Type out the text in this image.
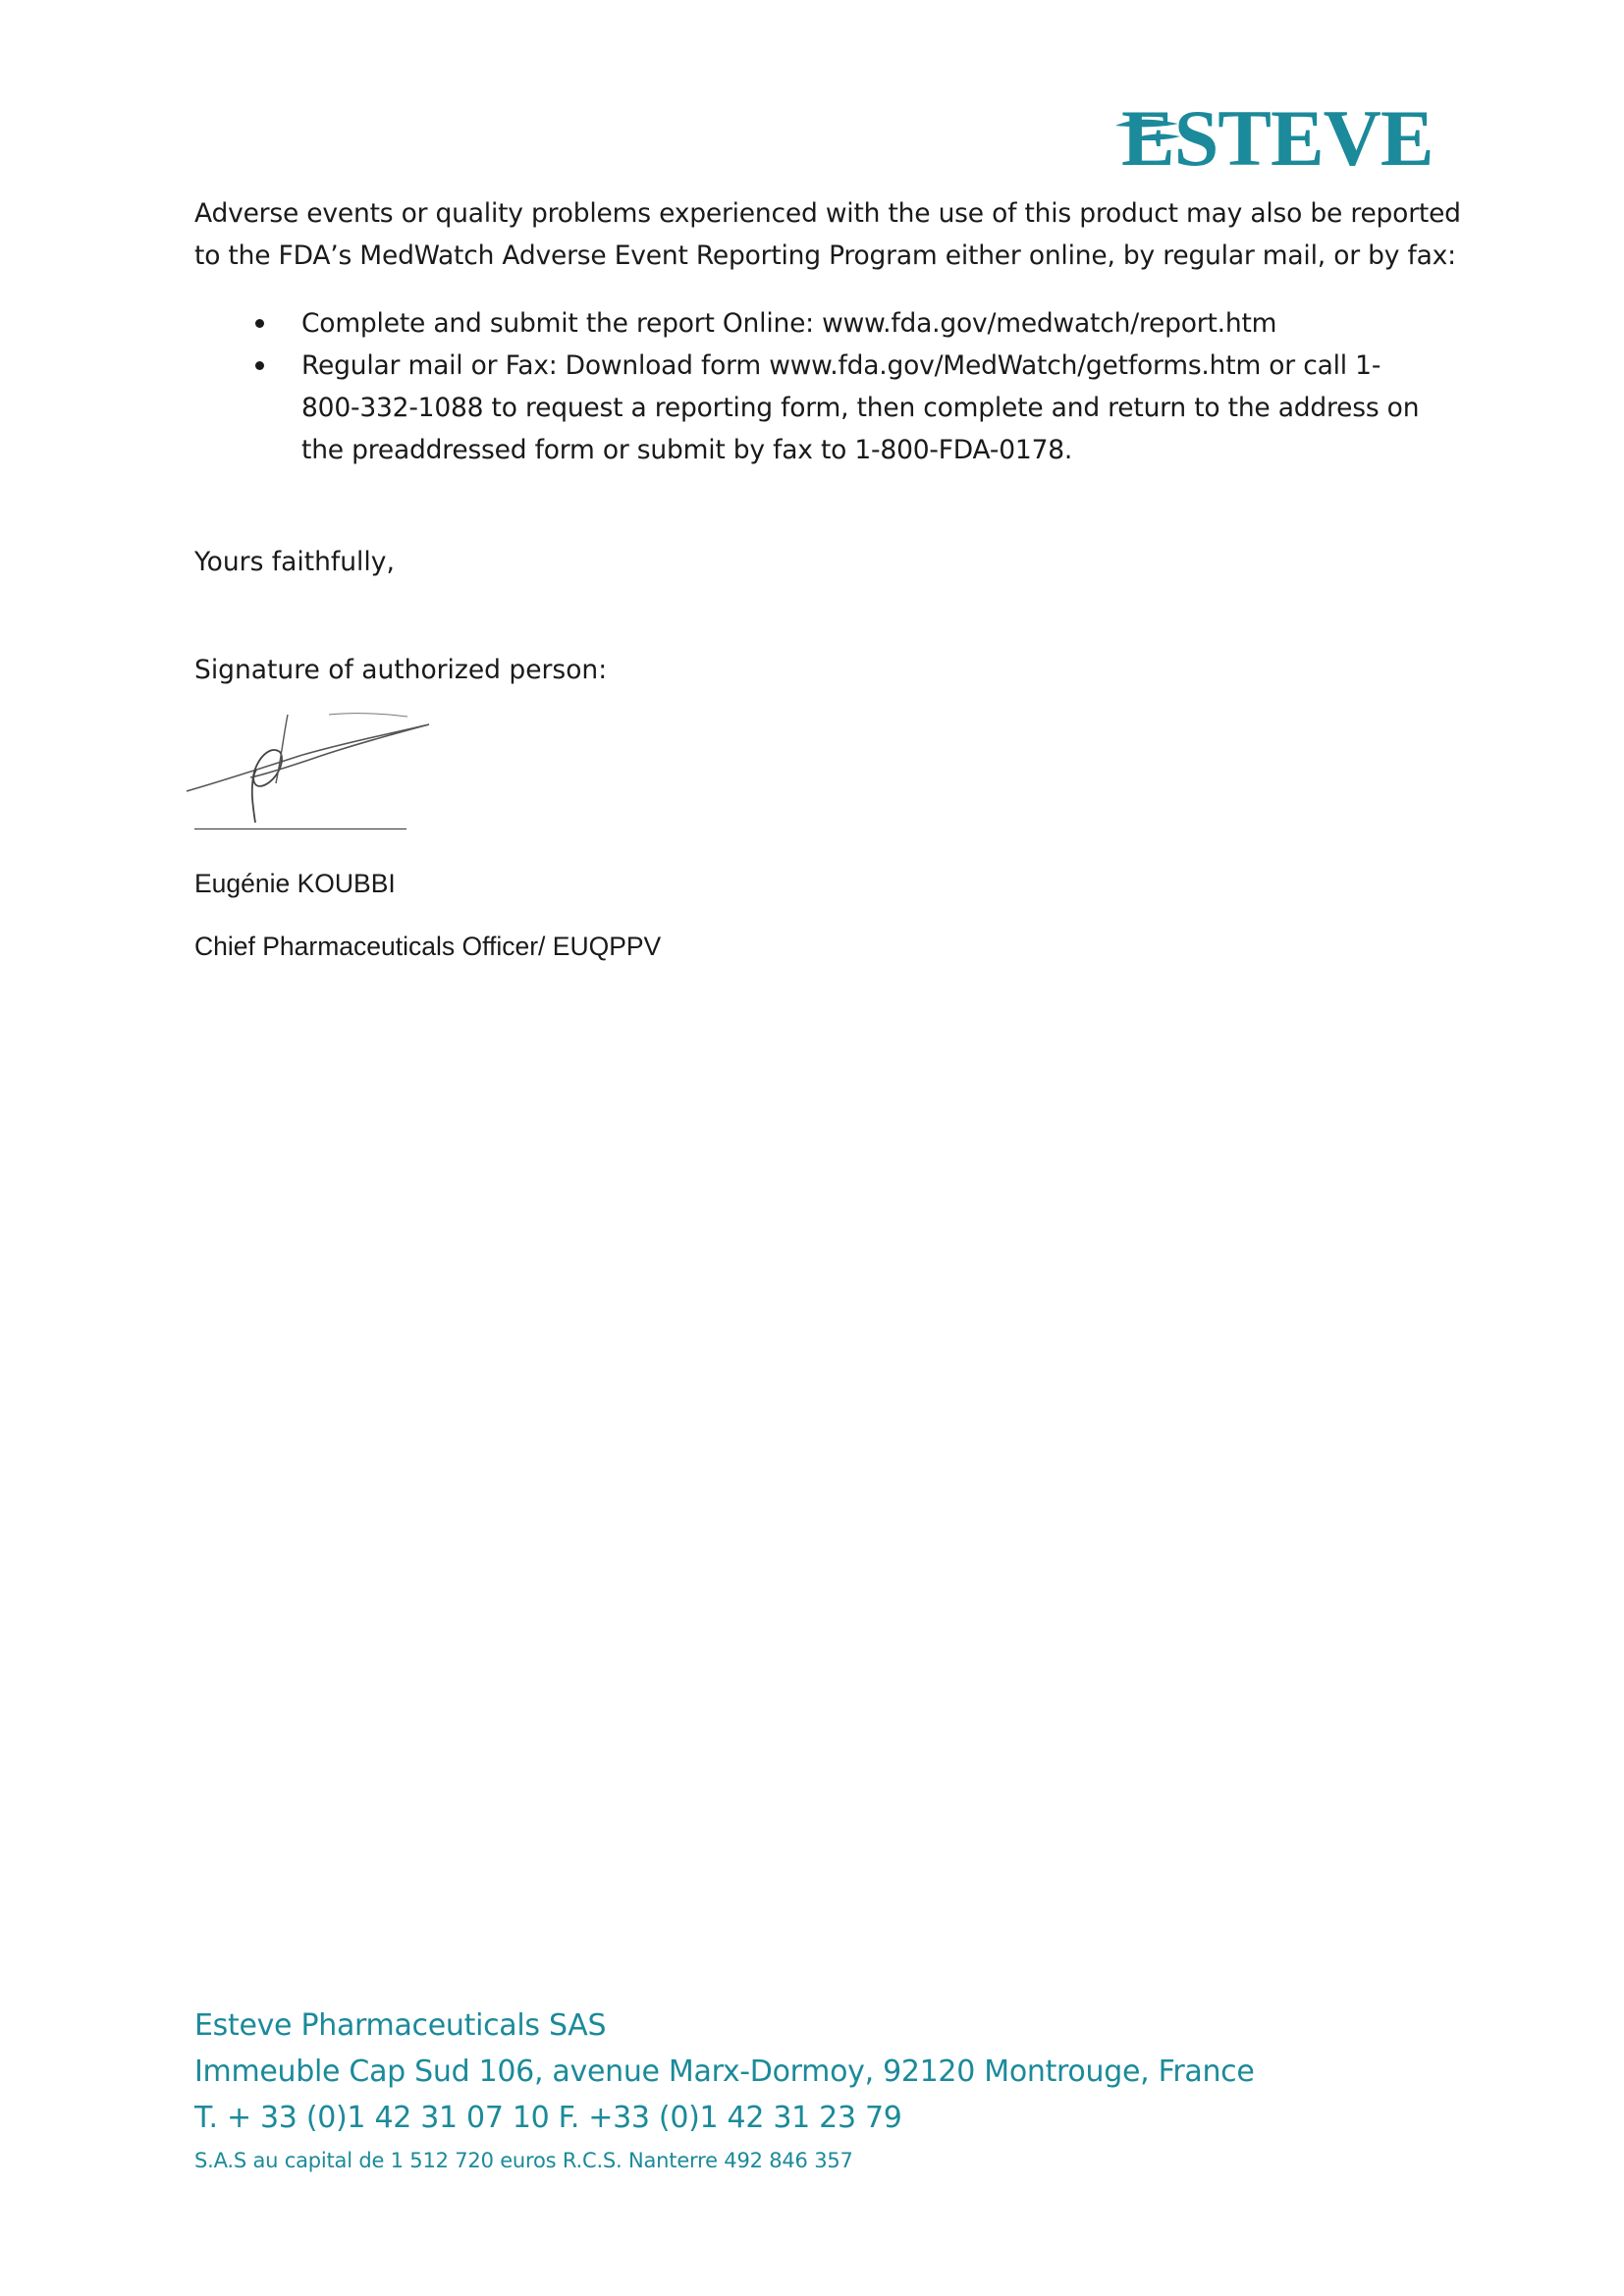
ESTEVE

Adverse events or quality problems experienced with the use of this product may also be reported to the FDA’s MedWatch Adverse Event Reporting Program either online, by regular mail, or by fax:

Complete and submit the report Online: www.fda.gov/medwatch/report.htm
Regular mail or Fax: Download form www.fda.gov/MedWatch/getforms.htm or call 1-800-332-1088 to request a reporting form, then complete and return to the address on the preaddressed form or submit by fax to 1-800-FDA-0178.
Yours faithfully,
Signature of authorized person:
Eugénie KOUBBI
Chief Pharmaceuticals Officer/ EUQPPV
Esteve Pharmaceuticals SAS
Immeuble Cap Sud 106, avenue Marx-Dormoy, 92120 Montrouge, France
T. + 33 (0)1 42 31 07 10 F. +33 (0)1 42 31 23 79
S.A.S au capital de 1 512 720 euros R.C.S. Nanterre 492 846 357
